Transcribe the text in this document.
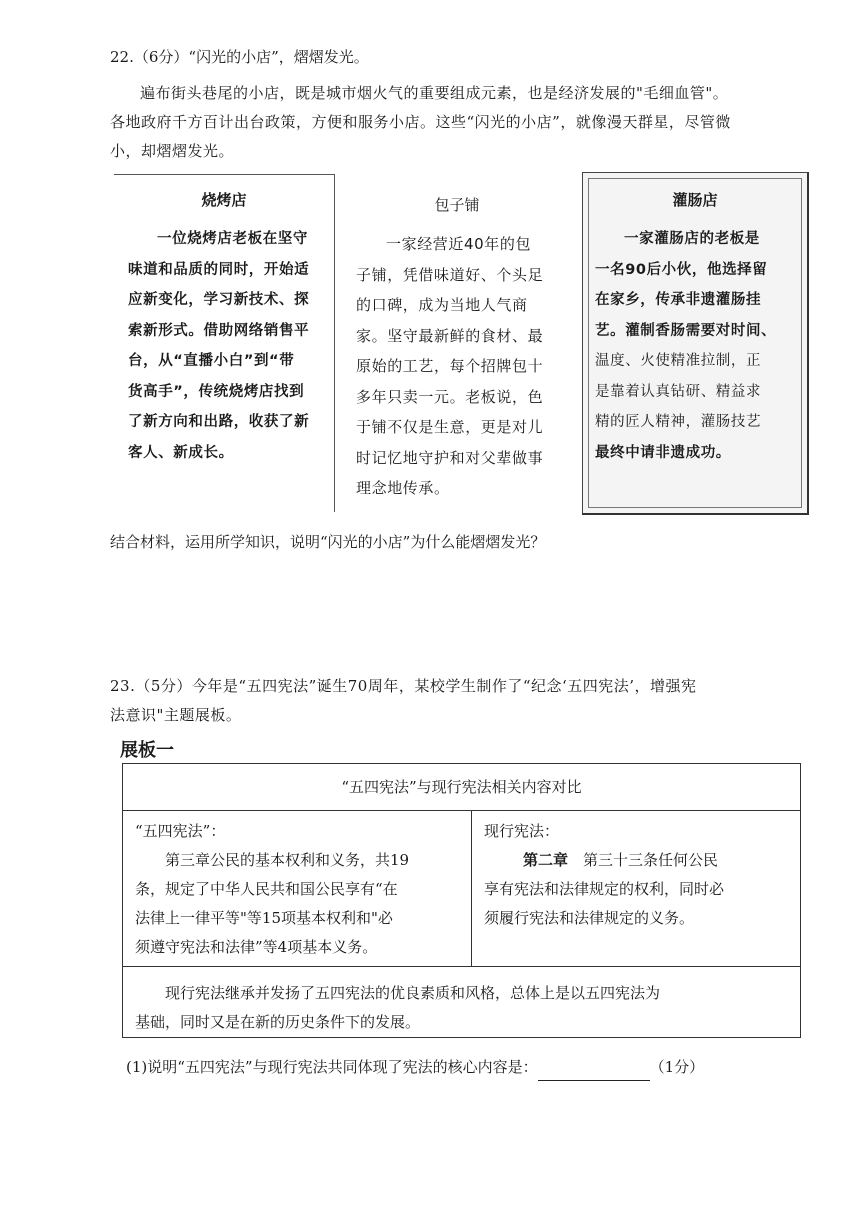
22.（6分）“闪光的小店”，熠熠发光。
遍布街头巷尾的小店，既是城市烟火气的重要组成元素，也是经济发展的"毛细血管"。
各地政府千方百计出台政策，方便和服务小店。这些“闪光的小店”，就像漫天群星，尽管微
小，却熠熠发光。
烧烤店
一位烧烤店老板在坚守
味道和品质的同时，开始适
应新变化，学习新技术、探
索新形式。借助网络销售平
台，从“直播小白”到“带
货高手”，传统烧烤店找到
了新方向和出路，收获了新
客人、新成长。
包子铺
一家经营近40年的包
子铺，凭借味道好、个头足
的口碑，成为当地人气商
家。坚守最新鲜的食材、最
原始的工艺，每个招牌包十
多年只卖一元。老板说，色
于铺不仅是生意，更是对儿
时记忆地守护和对父辈做事
理念地传承。
灌肠店
一家灌肠店的老板是
一名90后小伙，他选择留
在家乡，传承非遗灌肠挂
艺。灌制香肠需要对时间、
温度、火使精准拉制，正
是靠着认真钻研、精益求
精的匠人精神，灌肠技艺
最终中请非遗成功。
结合材料，运用所学知识，说明“闪光的小店”为什么能熠熠发光？
23.（5分）今年是“五四宪法”诞生70周年，某校学生制作了“纪念‘五四宪法’，增强宪
法意识"主题展板。
展板一
“五四宪法”与现行宪法相关内容对比

“五四宪法”：
第三章公民的基本权利和义务，共19
条，规定了中华人民共和国公民享有“在
法律上一律平等"等15项基本权利和"必
须遵守宪法和法律”等4项基本义务。

现行宪法：
第二章　 第三十三条任何公民
享有宪法和法律规定的权利，同时必
须履行宪法和法律规定的义务。

现行宪法继承并发扬了五四宪法的优良素质和风格，总体上是以五四宪法为
基础，同时又是在新的历史条件下的发展。
(1)说明“五四宪法”与现行宪法共同体现了宪法的核心内容是：	（1分）
